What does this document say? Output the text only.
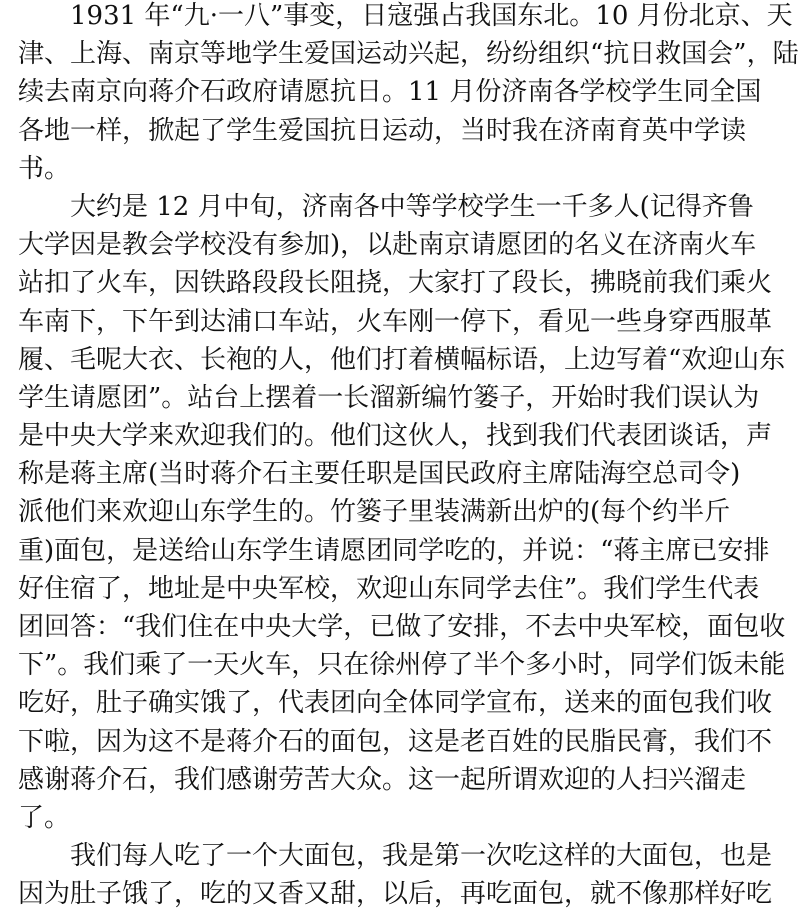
　　1931 年“九·一八”事变，日寇强占我国东北。10 月份北京、天
津、上海、南京等地学生爱国运动兴起，纷纷组织“抗日救国会”，陆
续去南京向蒋介石政府请愿抗日。11 月份济南各学校学生同全国
各地一样，掀起了学生爱国抗日运动，当时我在济南育英中学读
书。
　　大约是 12 月中旬，济南各中等学校学生一千多人(记得齐鲁
大学因是教会学校没有参加)，以赴南京请愿团的名义在济南火车
站扣了火车，因铁路段段长阻挠，大家打了段长，拂晓前我们乘火
车南下，下午到达浦口车站，火车刚一停下，看见一些身穿西服革
履、毛呢大衣、长袍的人，他们打着横幅标语，上边写着“欢迎山东
学生请愿团”。站台上摆着一长溜新编竹篓子，开始时我们误认为
是中央大学来欢迎我们的。他们这伙人，找到我们代表团谈话，声
称是蒋主席(当时蒋介石主要任职是国民政府主席陆海空总司令)
派他们来欢迎山东学生的。竹篓子里装满新出炉的(每个约半斤
重)面包，是送给山东学生请愿团同学吃的，并说：“蒋主席已安排
好住宿了，地址是中央军校，欢迎山东同学去住”。我们学生代表
团回答：“我们住在中央大学，已做了安排，不去中央军校，面包收
下”。我们乘了一天火车，只在徐州停了半个多小时，同学们饭未能
吃好，肚子确实饿了，代表团向全体同学宣布，送来的面包我们收
下啦，因为这不是蒋介石的面包，这是老百姓的民脂民膏，我们不
感谢蒋介石，我们感谢劳苦大众。这一起所谓欢迎的人扫兴溜走
了。
　　我们每人吃了一个大面包，我是第一次吃这样的大面包，也是
因为肚子饿了，吃的又香又甜，以后，再吃面包，就不像那样好吃
